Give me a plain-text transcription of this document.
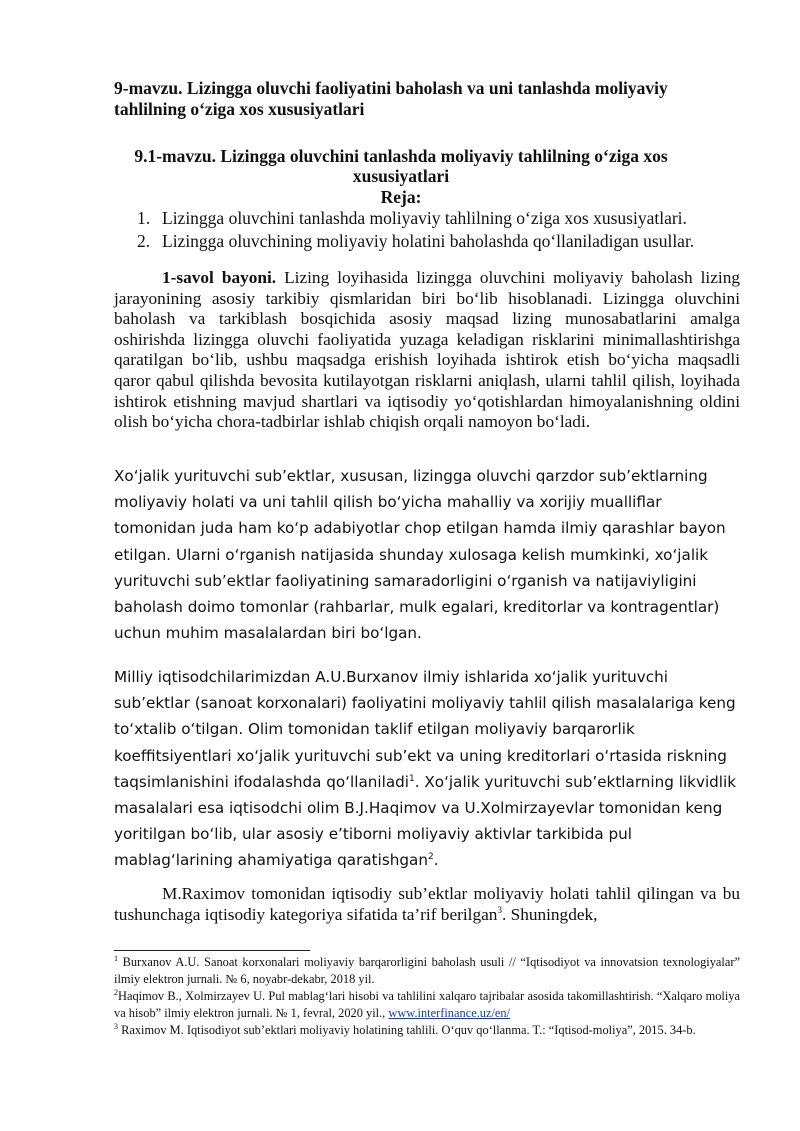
9-mavzu. Lizingga oluvchi faoliyatini baholash va uni tanlashda moliyaviy tahlilning o‘ziga xos xususiyatlari
9.1-mavzu. Lizingga oluvchini tanlashda moliyaviy tahlilning o‘ziga xos xususiyatlari
Reja:
1. Lizingga oluvchini tanlashda moliyaviy tahlilning o‘ziga xos xususiyatlari.
2. Lizingga oluvchining moliyaviy holatini baholashda qo‘llaniladigan usullar.

1-savol bayoni. Lizing loyihasida lizingga oluvchini moliyaviy baholash lizing jarayonining asosiy tarkibiy qismlaridan biri bo‘lib hisoblanadi. Lizingga oluvchini baholash va tarkiblash bosqichida asosiy maqsad lizing munosabatlarini amalga oshirishda lizingga oluvchi faoliyatida yuzaga keladigan risklarini minimallashtirishga qaratilgan bo‘lib, ushbu maqsadga erishish loyihada ishtirok etish bo‘yicha maqsadli qaror qabul qilishda bevosita kutilayotgan risklarni aniqlash, ularni tahlil qilish, loyihada ishtirok etishning mavjud shartlari va iqtisodiy yo‘qotishlardan himoyalanishning oldini olish bo‘yicha chora-tadbirlar ishlab chiqish orqali namoyon bo‘ladi.

Xo‘jalik yurituvchi sub’ektlar, xususan, lizingga oluvchi qarzdor sub’ektlarning moliyaviy holati va uni tahlil qilish bo‘yicha mahalliy va xorijiy mualliflar tomonidan juda ham ko‘p adabiyotlar chop etilgan hamda ilmiy qarashlar bayon etilgan. Ularni o‘rganish natijasida shunday xulosaga kelish mumkinki, xo‘jalik yurituvchi sub’ektlar faoliyatining samaradorligini o‘rganish va natijaviyligini baholash doimo tomonlar (rahbarlar, mulk egalari, kreditorlar va kontragentlar) uchun muhim masalalardan biri bo‘lgan.

Milliy iqtisodchilarimizdan A.U.Burxanov ilmiy ishlarida xo‘jalik yurituvchi sub’ektlar (sanoat korxonalari) faoliyatini moliyaviy tahlil qilish masalalariga keng to‘xtalib o‘tilgan. Olim tomonidan taklif etilgan moliyaviy barqarorlik koeffitsiyentlari xo‘jalik yurituvchi sub’ekt va uning kreditorlari o‘rtasida riskning taqsimlanishini ifodalashda qo‘llaniladi$^1$. Xo‘jalik yurituvchi sub’ektlarning likvidlik masalalari esa iqtisodchi olim B.J.Haqimov va U.Xolmirzayevlar tomonidan keng yoritilgan bo‘lib, ular asosiy e’tiborni moliyaviy aktivlar tarkibida pul mablag‘larining ahamiyatiga qaratishgan$^2$.

M.Raximov tomonidan iqtisodiy sub’ektlar moliyaviy holati tahlil qilingan va bu tushunchaga iqtisodiy kategoriya sifatida ta’rif berilgan$^3$. Shuningdek,

$^1$ Burxanov A.U. Sanoat korxonalari moliyaviy barqarorligini baholash usuli // “Iqtisodiyot va innovatsion texnologiyalar” ilmiy elektron jurnali. № 6, noyabr-dekabr, 2018 yil.

$^2$Haqimov B., Xolmirzayev U. Pul mablag‘lari hisobi va tahlilini xalqaro tajribalar asosida takomillashtirish. “Xalqaro moliya va hisob” ilmiy elektron jurnali. № 1, fevral, 2020 yil., www.interfinance.uz/en/

$^3$ Raximov M. Iqtisodiyot sub’ektlari moliyaviy holatining tahlili. O‘quv qo‘llanma. T.: “Iqtisod-moliya”, 2015. 34-b.
